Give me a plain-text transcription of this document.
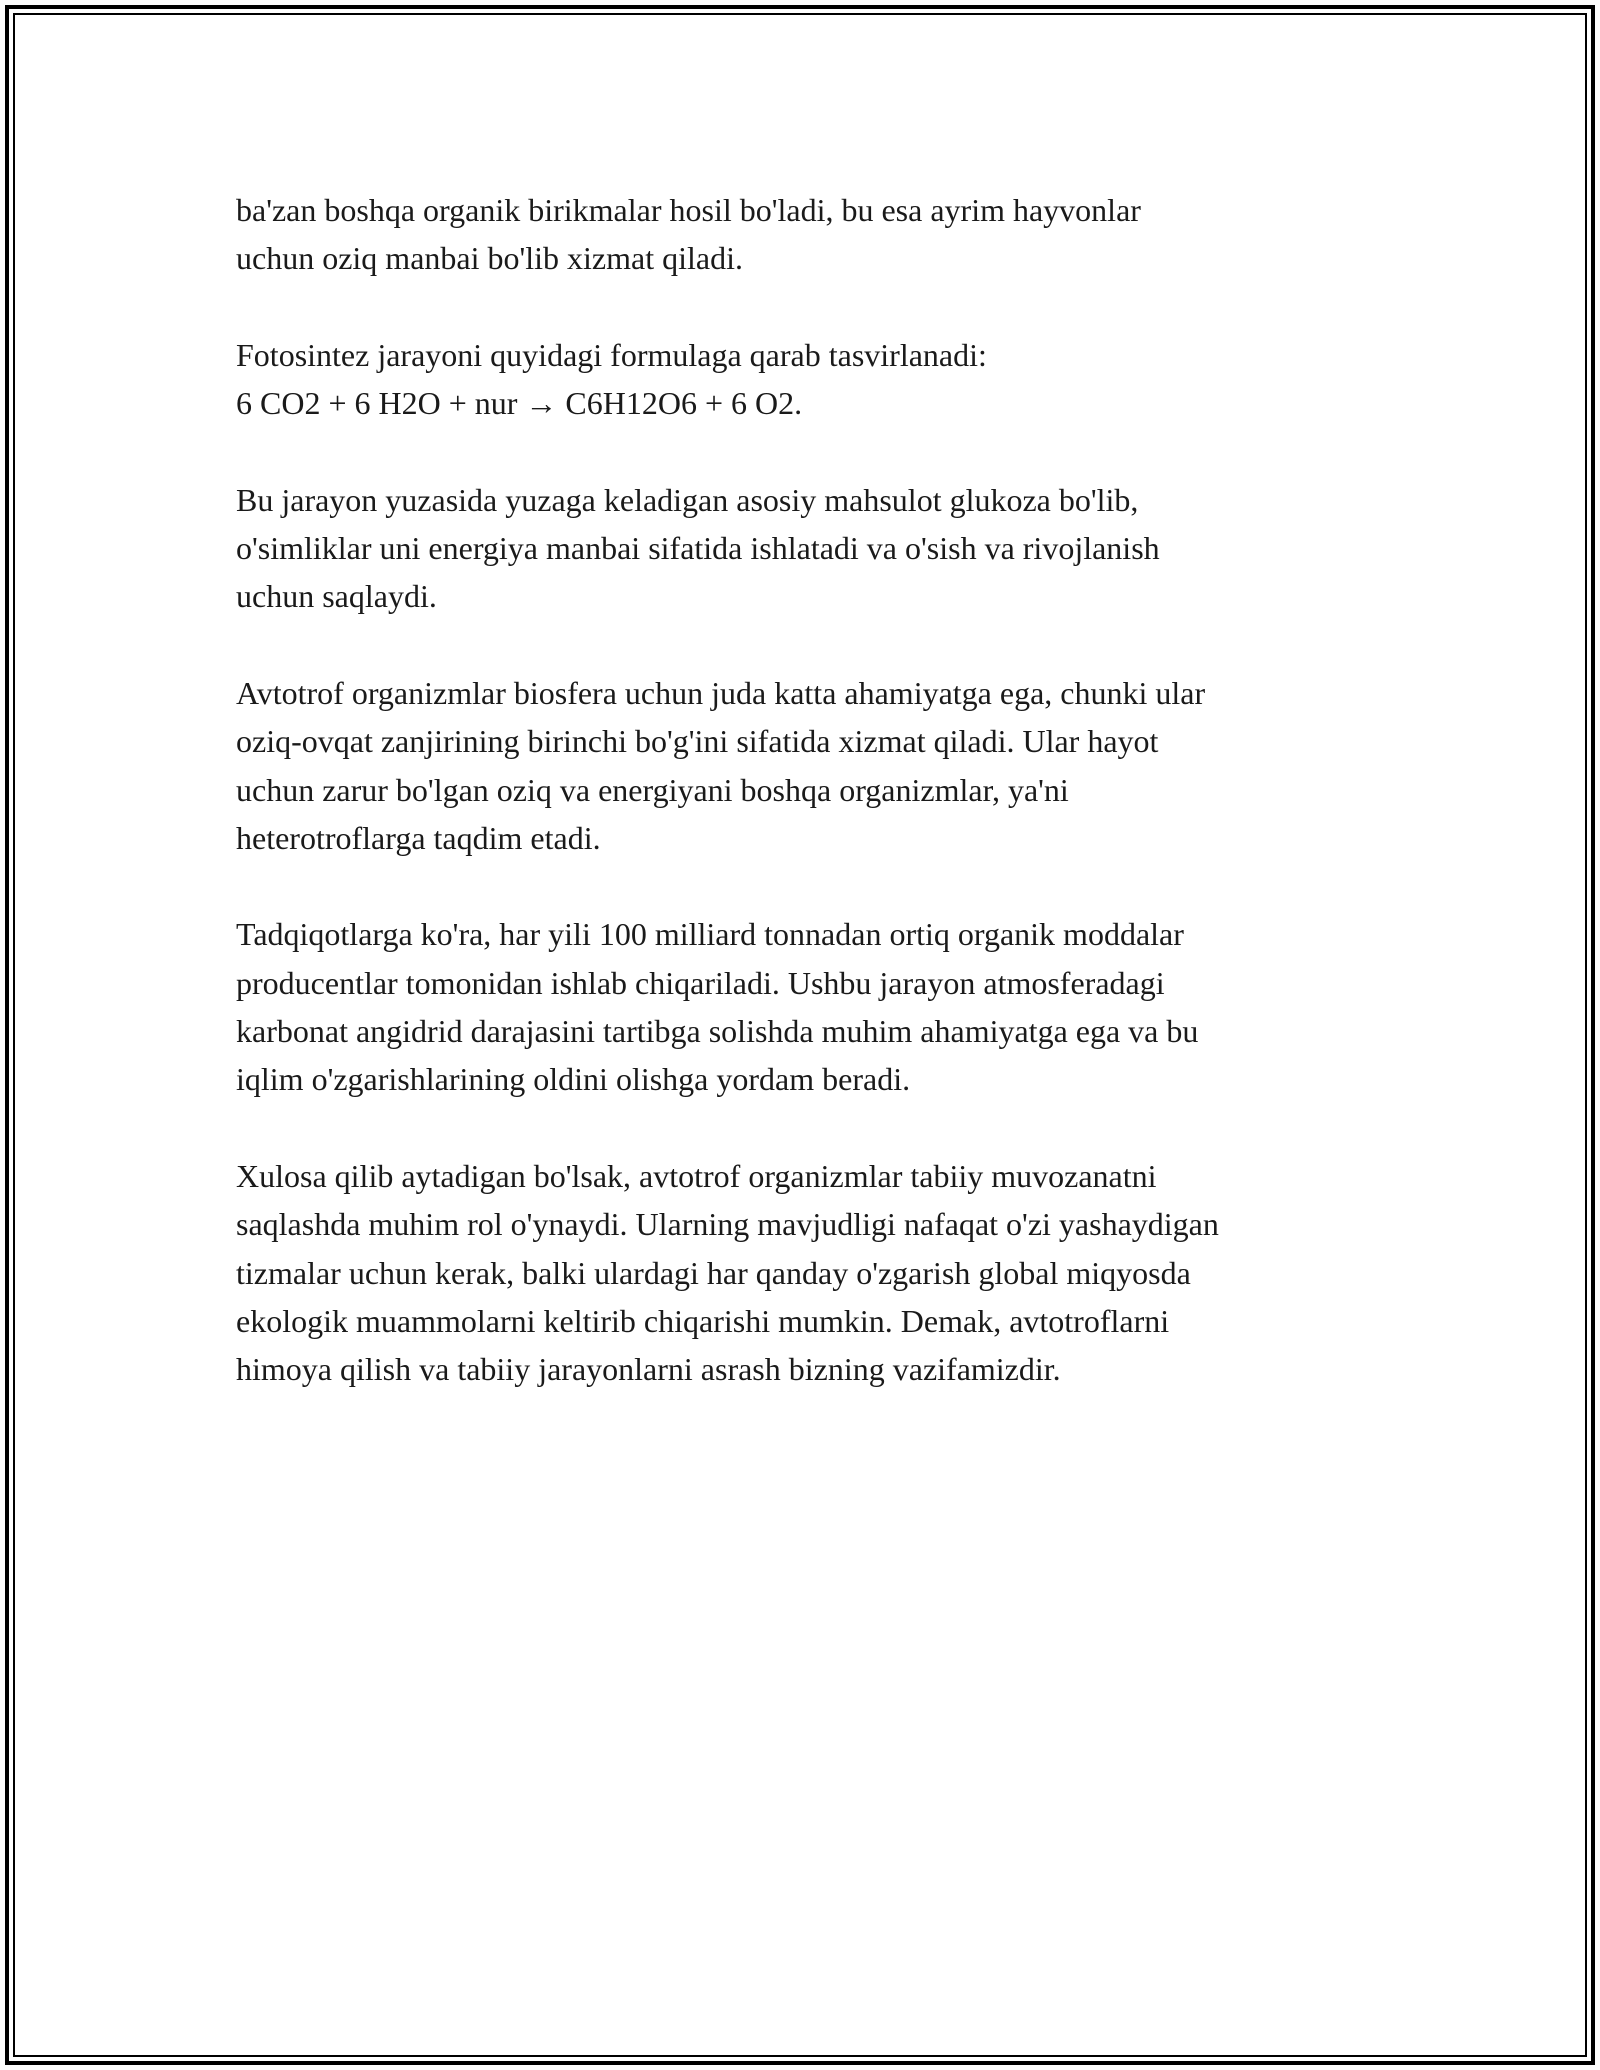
ba'zan boshqa organik birikmalar hosil bo'ladi, bu esa ayrim hayvonlar
uchun oziq manbai bo'lib xizmat qiladi.

Fotosintez jarayoni quyidagi formulaga qarab tasvirlanadi:
6 CO2 + 6 H2O + nur → C6H12O6 + 6 O2.

Bu jarayon yuzasida yuzaga keladigan asosiy mahsulot glukoza bo'lib,
o'simliklar uni energiya manbai sifatida ishlatadi va o'sish va rivojlanish
uchun saqlaydi.

Avtotrof organizmlar biosfera uchun juda katta ahamiyatga ega, chunki ular
oziq-ovqat zanjirining birinchi bo'g'ini sifatida xizmat qiladi. Ular hayot
uchun zarur bo'lgan oziq va energiyani boshqa organizmlar, ya'ni
heterotroflarga taqdim etadi.

Tadqiqotlarga ko'ra, har yili 100 milliard tonnadan ortiq organik moddalar
producentlar tomonidan ishlab chiqariladi. Ushbu jarayon atmosferadagi
karbonat angidrid darajasini tartibga solishda muhim ahamiyatga ega va bu
iqlim o'zgarishlarining oldini olishga yordam beradi.

Xulosa qilib aytadigan bo'lsak, avtotrof organizmlar tabiiy muvozanatni
saqlashda muhim rol o'ynaydi. Ularning mavjudligi nafaqat o'zi yashaydigan
tizmalar uchun kerak, balki ulardagi har qanday o'zgarish global miqyosda
ekologik muammolarni keltirib chiqarishi mumkin. Demak, avtotroflarni
himoya qilish va tabiiy jarayonlarni asrash bizning vazifamizdir.
